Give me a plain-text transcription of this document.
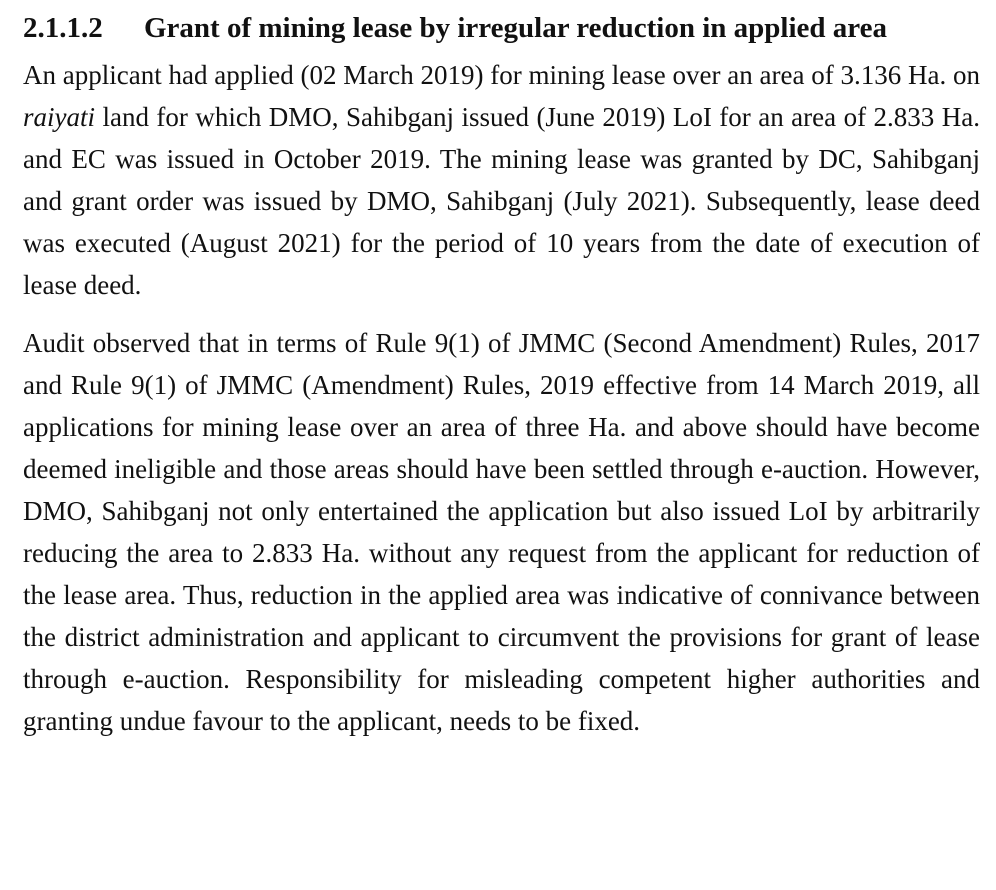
2.1.1.2	Grant of mining lease by irregular reduction in applied area

An applicant had applied (02 March 2019) for mining lease over an area of 3.136 Ha. on raiyati land for which DMO, Sahibganj issued (June 2019) LoI for an area of 2.833 Ha. and EC was issued in October 2019. The mining lease was granted by DC, Sahibganj and grant order was issued by DMO, Sahibganj (July 2021). Subsequently, lease deed was executed (August 2021) for the period of 10 years from the date of execution of lease deed.

Audit observed that in terms of Rule 9(1) of JMMC (Second Amendment) Rules, 2017 and Rule 9(1) of JMMC (Amendment) Rules, 2019 effective from 14 March 2019, all applications for mining lease over an area of three Ha. and above should have become deemed ineligible and those areas should have been settled through e-auction. However, DMO, Sahibganj not only entertained the application but also issued LoI by arbitrarily reducing the area to 2.833 Ha. without any request from the applicant for reduction of the lease area. Thus, reduction in the applied area was indicative of connivance between the district administration and applicant to circumvent the provisions for grant of lease through e-auction. Responsibility for misleading competent higher authorities and granting undue favour to the applicant, needs to be fixed.
